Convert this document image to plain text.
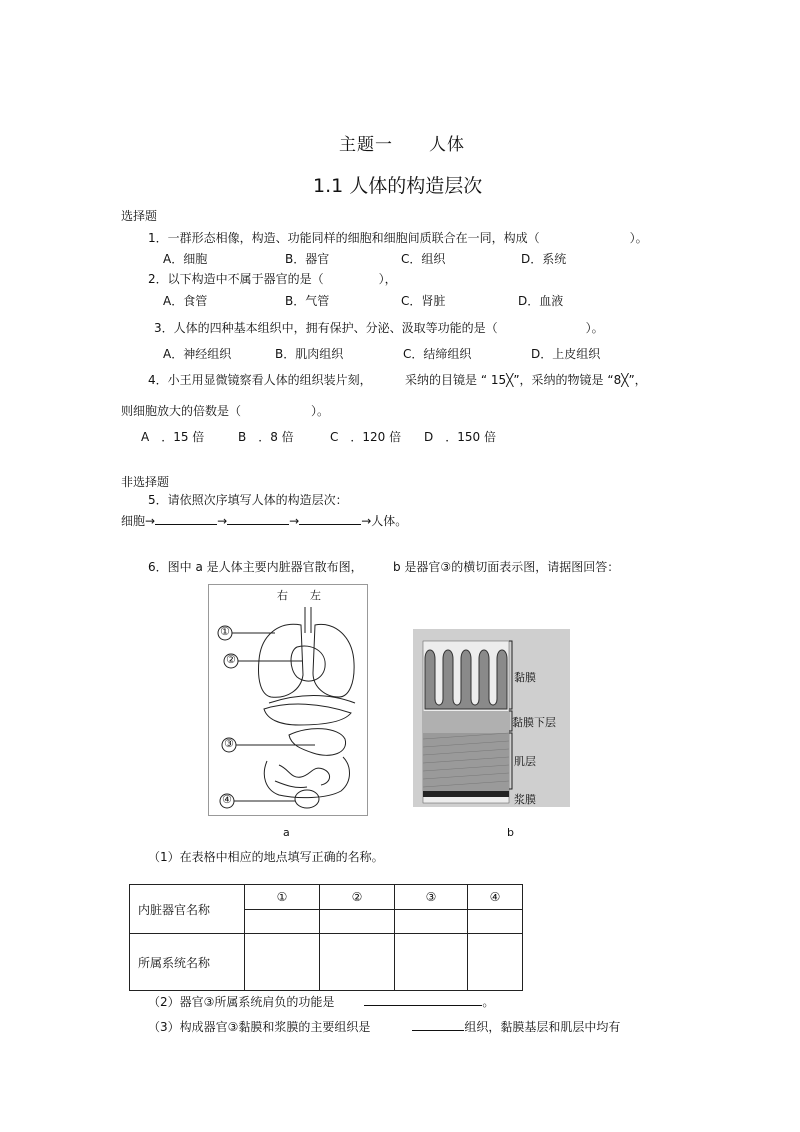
主题一　　人体
1.1 人体的构造层次
选择题
1．一群形态相像，构造、功能同样的细胞和细胞间质联合在一同，构成（	）。
A．细胞	B．器官	C．组织	D．系统
2．以下构造中不属于器官的是（	），
A．食管	B．气管	C．肾脏	D．血液
3．人体的四种基本组织中，拥有保护、分泌、汲取等功能的是（	）。
A．神经组织	B．肌肉组织	C．结缔组织	D．上皮组织
4．小王用显微镜察看人体的组织装片刻，	采纳的目镜是 “ 15╳”，采纳的物镜是 “8╳”，
则细胞放大的倍数是（	）。
A　．15 倍	B　．8 倍	C　．120 倍 D　．150 倍
非选择题
5．请依照次序填写人体的构造层次：
细胞→	→	→	→人体。
6．图中 a 是人体主要内脏器官散布图，	b 是器官③的横切面表示图，请据图回答：
右　　左
①
②
③
④
a
黏膜
黏膜下层
肌层
浆膜
b
（1）在表格中相应的地点填写正确的名称。
内脏器官名称	①	②	③	④

所属系统名称				
（2）器官③所属系统肩负的功能是	。
（3）构成器官③黏膜和浆膜的主要组织是	组织，黏膜基层和肌层中均有
